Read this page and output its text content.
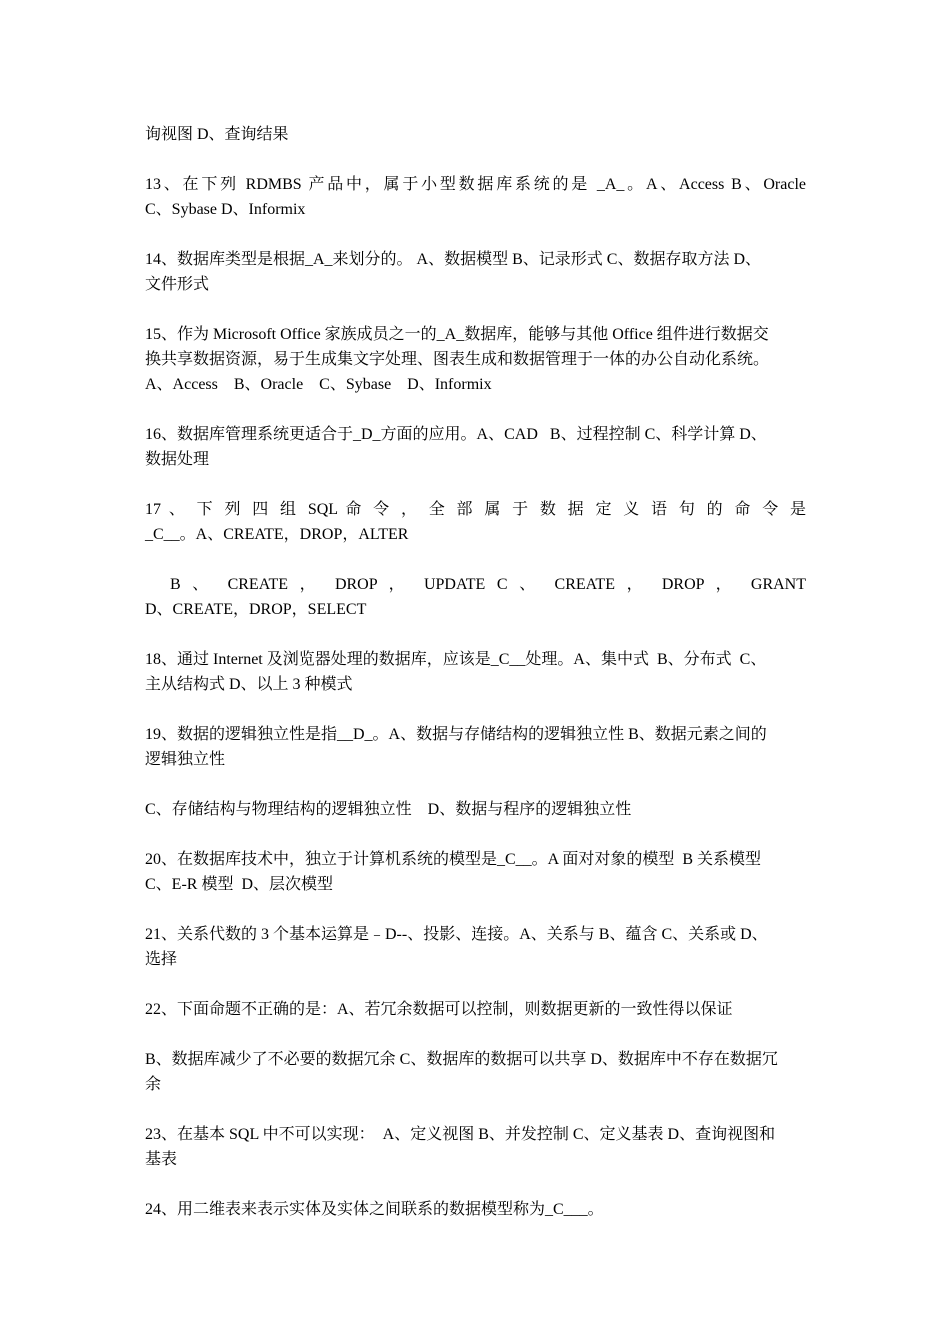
询视图 D、查询结果
13、在下列 RDMBS 产品中，属于小型数据库系统的是 _A_。A、Access B、Oracle
C、Sybase D、Informix
14、数据库类型是根据_A_来划分的。 A、数据模型 B、记录形式 C、数据存取方法 D、
文件形式
15、作为 Microsoft Office 家族成员之一的_A_数据库，能够与其他 Office 组件进行数据交
换共享数据资源，易于生成集文字处理、图表生成和数据管理于一体的办公自动化系统。
A、Access    B、Oracle    C、Sybase    D、Informix
16、数据库管理系统更适合于_D_方面的应用。A、CAD   B、过程控制 C、科学计算 D、
数据处理
17 、 下 列 四 组 SQL 命 令 ， 全 部 属 于 数 据 定 义 语 句 的 命 令 是
_C__。A、CREATE，DROP，ALTER
B 、 CREATE ， DROP ， UPDATE C 、 CREATE ， DROP ， GRANT
D、CREATE，DROP，SELECT
18、通过 Internet 及浏览器处理的数据库，应该是_C__处理。A、集中式  B、分布式  C、
主从结构式 D、以上 3 种模式
19、数据的逻辑独立性是指__D_。A、数据与存储结构的逻辑独立性 B、数据元素之间的
逻辑独立性
C、存储结构与物理结构的逻辑独立性    D、数据与程序的逻辑独立性
20、在数据库技术中，独立于计算机系统的模型是_C__。A 面对对象的模型  B 关系模型
C、E-R 模型  D、层次模型
21、关系代数的 3 个基本运算是﹣D--、投影、连接。A、关系与 B、蕴含 C、关系或 D、
选择
22、下面命题不正确的是：A、若冗余数据可以控制，则数据更新的一致性得以保证
B、数据库减少了不必要的数据冗余 C、数据库的数据可以共享 D、数据库中不存在数据冗
余
23、在基本 SQL 中不可以实现：  A、定义视图 B、并发控制 C、定义基表 D、查询视图和
基表
24、用二维表来表示实体及实体之间联系的数据模型称为_C___。
